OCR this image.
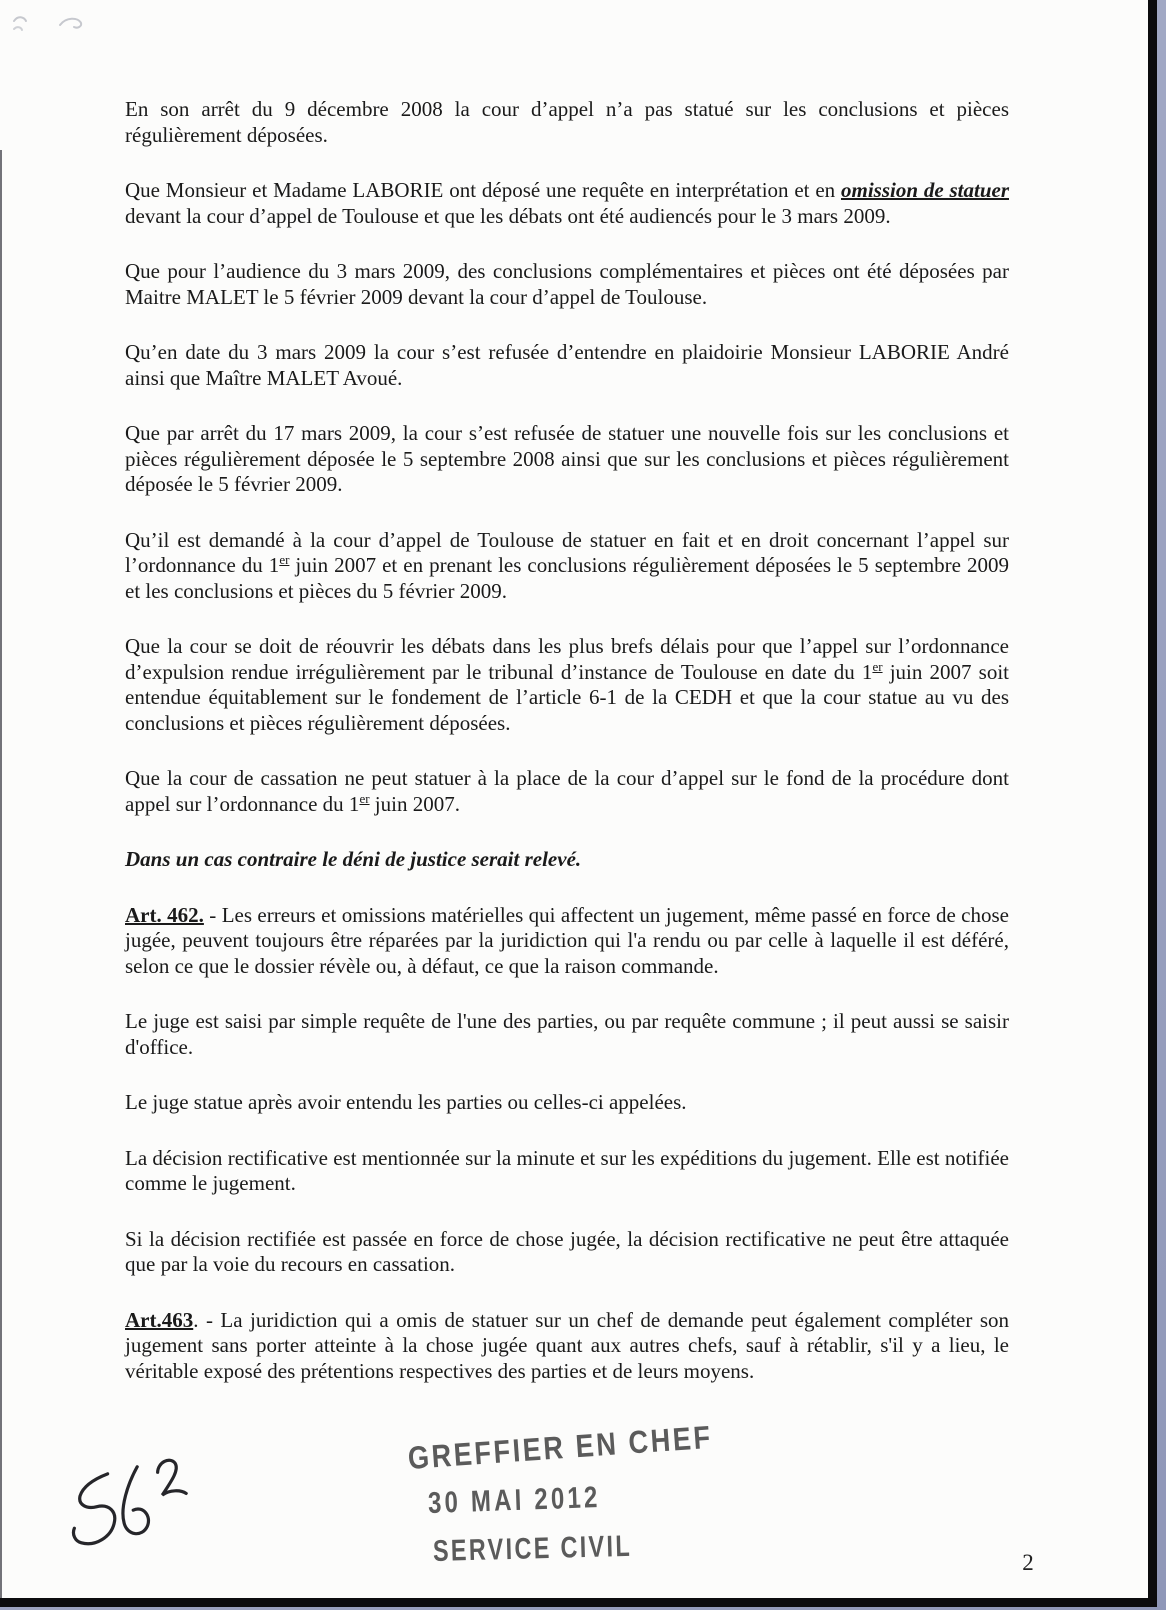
En son arrêt du 9 décembre 2008 la cour d’appel n’a pas statué sur les conclusions et pièces régulièrement déposées.

Que Monsieur et Madame LABORIE ont déposé une requête en interprétation et en omission de statuer devant la cour d’appel de Toulouse et que les débats ont été audiencés pour le 3 mars 2009.

Que pour l’audience du 3 mars 2009, des conclusions complémentaires et pièces ont été déposées par Maitre MALET le 5 février 2009 devant la cour d’appel de Toulouse.

Qu’en date du 3 mars 2009 la cour s’est refusée d’entendre en plaidoirie Monsieur LABORIE André ainsi que Maître MALET Avoué.

Que par arrêt du 17 mars 2009, la cour s’est refusée de statuer une nouvelle fois sur les conclusions et pièces régulièrement déposée le 5 septembre 2008 ainsi que sur les conclusions et pièces régulièrement déposée le 5 février 2009.

Qu’il est demandé à la cour d’appel de Toulouse de statuer en fait et en droit concernant l’appel sur l’ordonnance du 1er juin 2007 et en prenant les conclusions régulièrement déposées le 5 septembre 2009 et les conclusions et pièces du 5 février 2009.

Que la cour se doit de réouvrir les débats dans les plus brefs délais pour que l’appel sur l’ordonnance d’expulsion rendue irrégulièrement par le tribunal d’instance de Toulouse en date du 1er juin 2007 soit entendue équitablement sur le fondement de l’article 6-1 de la CEDH et que la cour statue au vu des conclusions et pièces régulièrement déposées.

Que la cour de cassation ne peut statuer à la place de la cour d’appel sur le fond de la procédure dont appel sur l’ordonnance du 1er juin 2007.

Dans un cas contraire le déni de justice serait relevé.

Art. 462. - Les erreurs et omissions matérielles qui affectent un jugement, même passé en force de chose jugée, peuvent toujours être réparées par la juridiction qui l'a rendu ou par celle à laquelle il est déféré, selon ce que le dossier révèle ou, à défaut, ce que la raison commande.

Le juge est saisi par simple requête de l'une des parties, ou par requête commune ; il peut aussi se saisir d'office.

Le juge statue après avoir entendu les parties ou celles-ci appelées.

La décision rectificative est mentionnée sur la minute et sur les expéditions du jugement. Elle est notifiée comme le jugement.

Si la décision rectifiée est passée en force de chose jugée, la décision rectificative ne peut être attaquée que par la voie du recours en cassation.

Art.463. - La juridiction qui a omis de statuer sur un chef de demande peut également compléter son jugement sans porter atteinte à la chose jugée quant aux autres chefs, sauf à rétablir, s'il y a lieu, le véritable exposé des prétentions respectives des parties et de leurs moyens.

GREFFIER EN CHEF
30 MAI 2012
SERVICE CIVIL	2
